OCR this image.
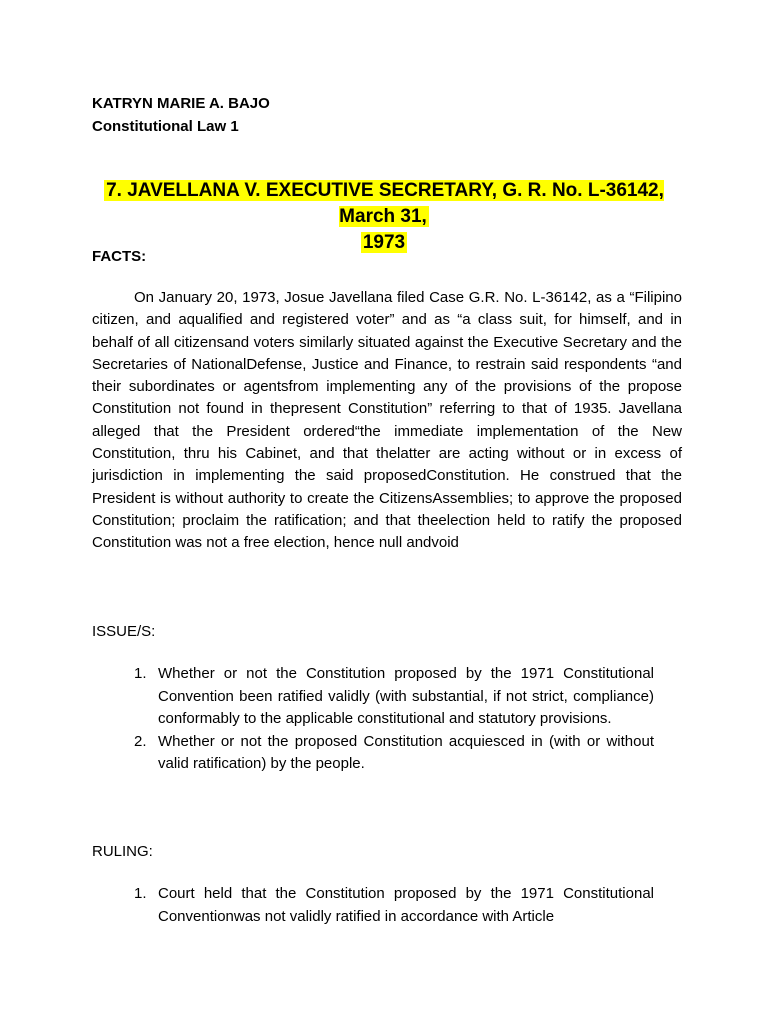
KATRYN MARIE A. BAJO
Constitutional Law 1
7. JAVELLANA V. EXECUTIVE SECRETARY, G. R. No. L-36142, March 31,
1973
FACTS:
On January 20, 1973, Josue Javellana filed Case G.R. No. L-36142, as a “Filipino citizen, and aqualified and registered voter” and as “a class suit, for himself, and in behalf of all citizensand voters similarly situated against the Executive Secretary and the Secretaries of NationalDefense, Justice and Finance, to restrain said respondents “and their subordinates or agentsfrom implementing any of the provisions of the propose Constitution not found in thepresent Constitution” referring to that of 1935. Javellana alleged that the President ordered“the immediate implementation of the New Constitution, thru his Cabinet, and that thelatter are acting without or in excess of jurisdiction in implementing the said proposedConstitution. He construed that the President is without authority to create the CitizensAssemblies; to approve the proposed Constitution; proclaim the ratification; and that theelection held to ratify the proposed Constitution was not a free election, hence null andvoid
ISSUE/S:
1. Whether or not the Constitution proposed by the 1971 Constitutional Convention been ratified validly (with substantial, if not strict, compliance) conformably to the applicable constitutional and statutory provisions.
2. Whether or not the proposed Constitution acquiesced in (with or without valid ratification) by the people.
RULING:
1. Court held that the Constitution proposed by the 1971 Constitutional Conventionwas not validly ratified in accordance with Article
